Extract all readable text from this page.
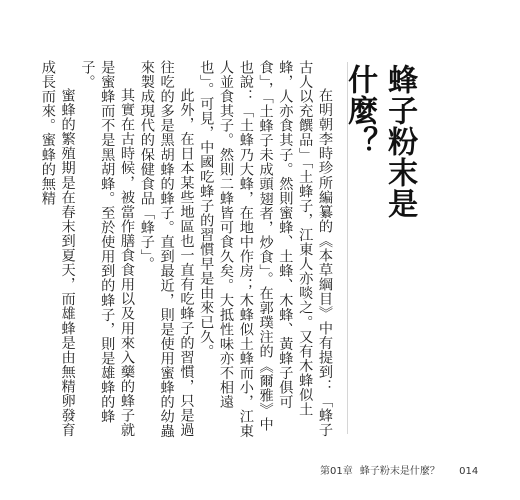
蜂子粉末是什麼？

在明朝李時珍所編纂的《本草綱目》中有提到：「蜂子古人以充饌品」「土蜂子，江東人亦啖之。又有木蜂似土蜂，人亦食其子。然則蜜蜂、土蜂、木蜂、黃蜂子俱可食」，「土蜂子未成頭翅者，炒食」。在郭璞注的《爾雅》中也說：「土蜂乃大蜂，在地中作房；木蜂似土蜂而小，江東人並食其子。然則二蜂皆可食久矣。大抵性味亦不相遠也」。可見，中國吃蜂子的習慣早是由來已久。

此外，在日本某些地區也一直有吃蜂子的習慣，只是過往吃的多是黑胡蜂的蜂子。直到最近，則是使用蜜蜂的幼蟲來製成現代的保健食品「蜂子」。

其實在古時候，被當作膳食食用以及用來入藥的蜂子就是蜜蜂而不是黑胡蜂。至於使用到的蜂子，則是雄蜂的蜂子。

蜜蜂的繁殖期是在春末到夏天，而雄蜂是由無精卵發育成長而來。蜜蜂的無精

第01章 蜂子粉末是什麼？ 014
